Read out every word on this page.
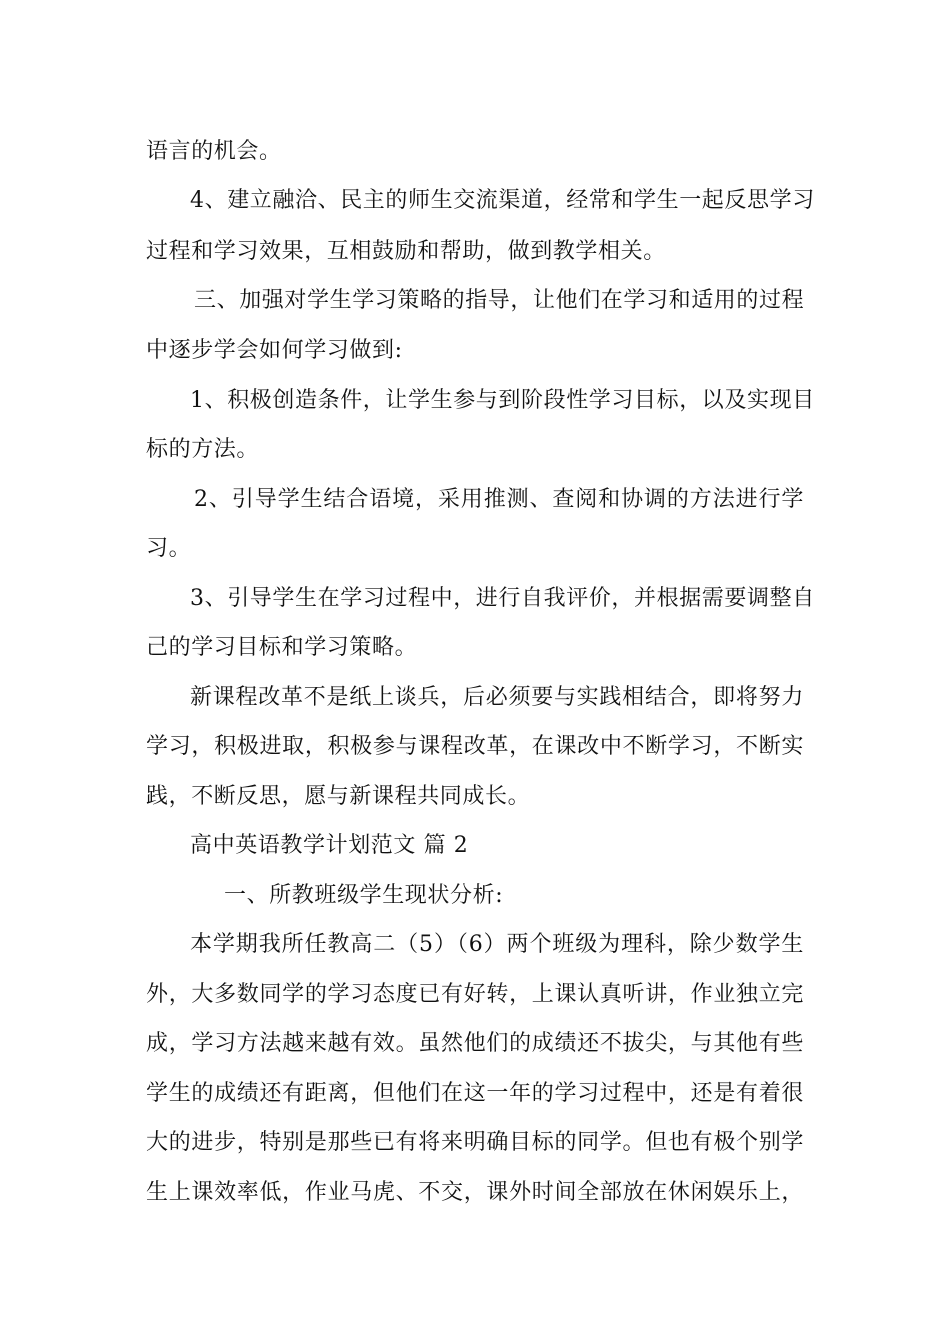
语言的机会。
4、建立融洽、民主的师生交流渠道，经常和学生一起反思学习
过程和学习效果，互相鼓励和帮助，做到教学相关。
三、加强对学生学习策略的指导，让他们在学习和适用的过程
中逐步学会如何学习做到:
1、积极创造条件，让学生参与到阶段性学习目标，以及实现目
标的方法。
2、引导学生结合语境，采用推测、查阅和协调的方法进行学
习。
3、引导学生在学习过程中，进行自我评价，并根据需要调整自
己的学习目标和学习策略。
新课程改革不是纸上谈兵，后必须要与实践相结合，即将努力
学习，积极进取，积极参与课程改革，在课改中不断学习，不断实
践，不断反思，愿与新课程共同成长。
高中英语教学计划范文 篇 2
一、所教班级学生现状分析:
本学期我所任教高二（5）（6）两个班级为理科，除少数学生
外，大多数同学的学习态度已有好转，上课认真听讲，作业独立完
成，学习方法越来越有效。虽然他们的成绩还不拔尖，与其他有些
学生的成绩还有距离，但他们在这一年的学习过程中，还是有着很
大的进步，特别是那些已有将来明确目标的同学。但也有极个别学
生上课效率低，作业马虎、不交，课外时间全部放在休闲娱乐上，
